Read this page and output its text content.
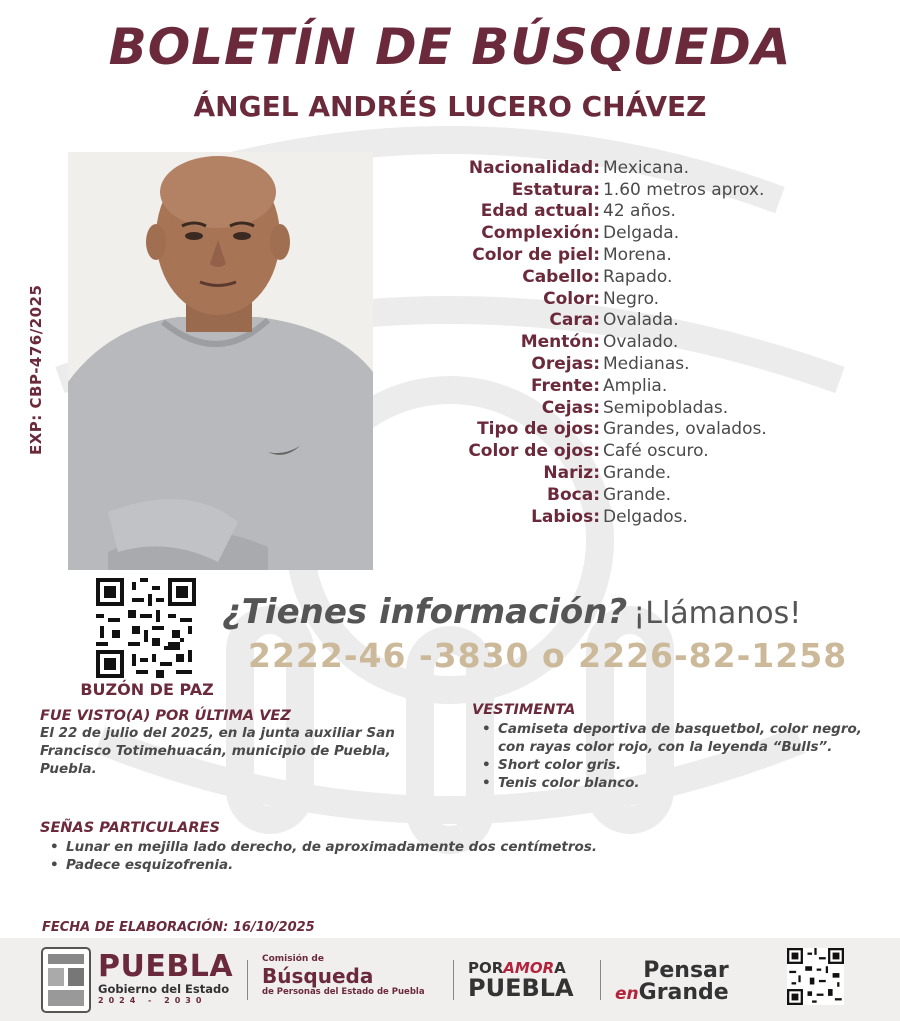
BOLETÍN DE BÚSQUEDA
ÁNGEL ANDRÉS LUCERO CHÁVEZ
EXP: CBP-476/2025
Nacionalidad: Mexicana.
Estatura: 1.60 metros aprox.
Edad actual: 42 años.
Complexión: Delgada.
Color de piel: Morena.
Cabello: Rapado.
Color: Negro.
Cara: Ovalada.
Mentón: Ovalado.
Orejas: Medianas.
Frente: Amplia.
Cejas: Semipobladas.
Tipo de ojos: Grandes, ovalados.
Color de ojos: Café oscuro.
Nariz: Grande.
Boca: Grande.
Labios: Delgados.
BUZÓN DE PAZ
¿Tienes información? ¡Llámanos!
2222-46 -3830 o 2226-82-1258
FUE VISTO(A) POR ÚLTIMA VEZ
El 22 de julio del 2025, en la junta auxiliar San Francisco Totimehuacán, municipio de Puebla, Puebla.
VESTIMENTA
• Camiseta deportiva de basquetbol, color negro, con rayas color rojo, con la leyenda “Bulls”.
• Short color gris.
• Tenis color blanco.
SEÑAS PARTICULARES
• Lunar en mejilla lado derecho, de aproximadamente dos centímetros.
• Padece esquizofrenia.
FECHA DE ELABORACIÓN: 16/10/2025
PUEBLA
Gobierno del Estado
2024 - 2030
Comisión de
Búsqueda
de Personas del Estado de Puebla
PORAMORA
PUEBLA
Pensar
enGrande
